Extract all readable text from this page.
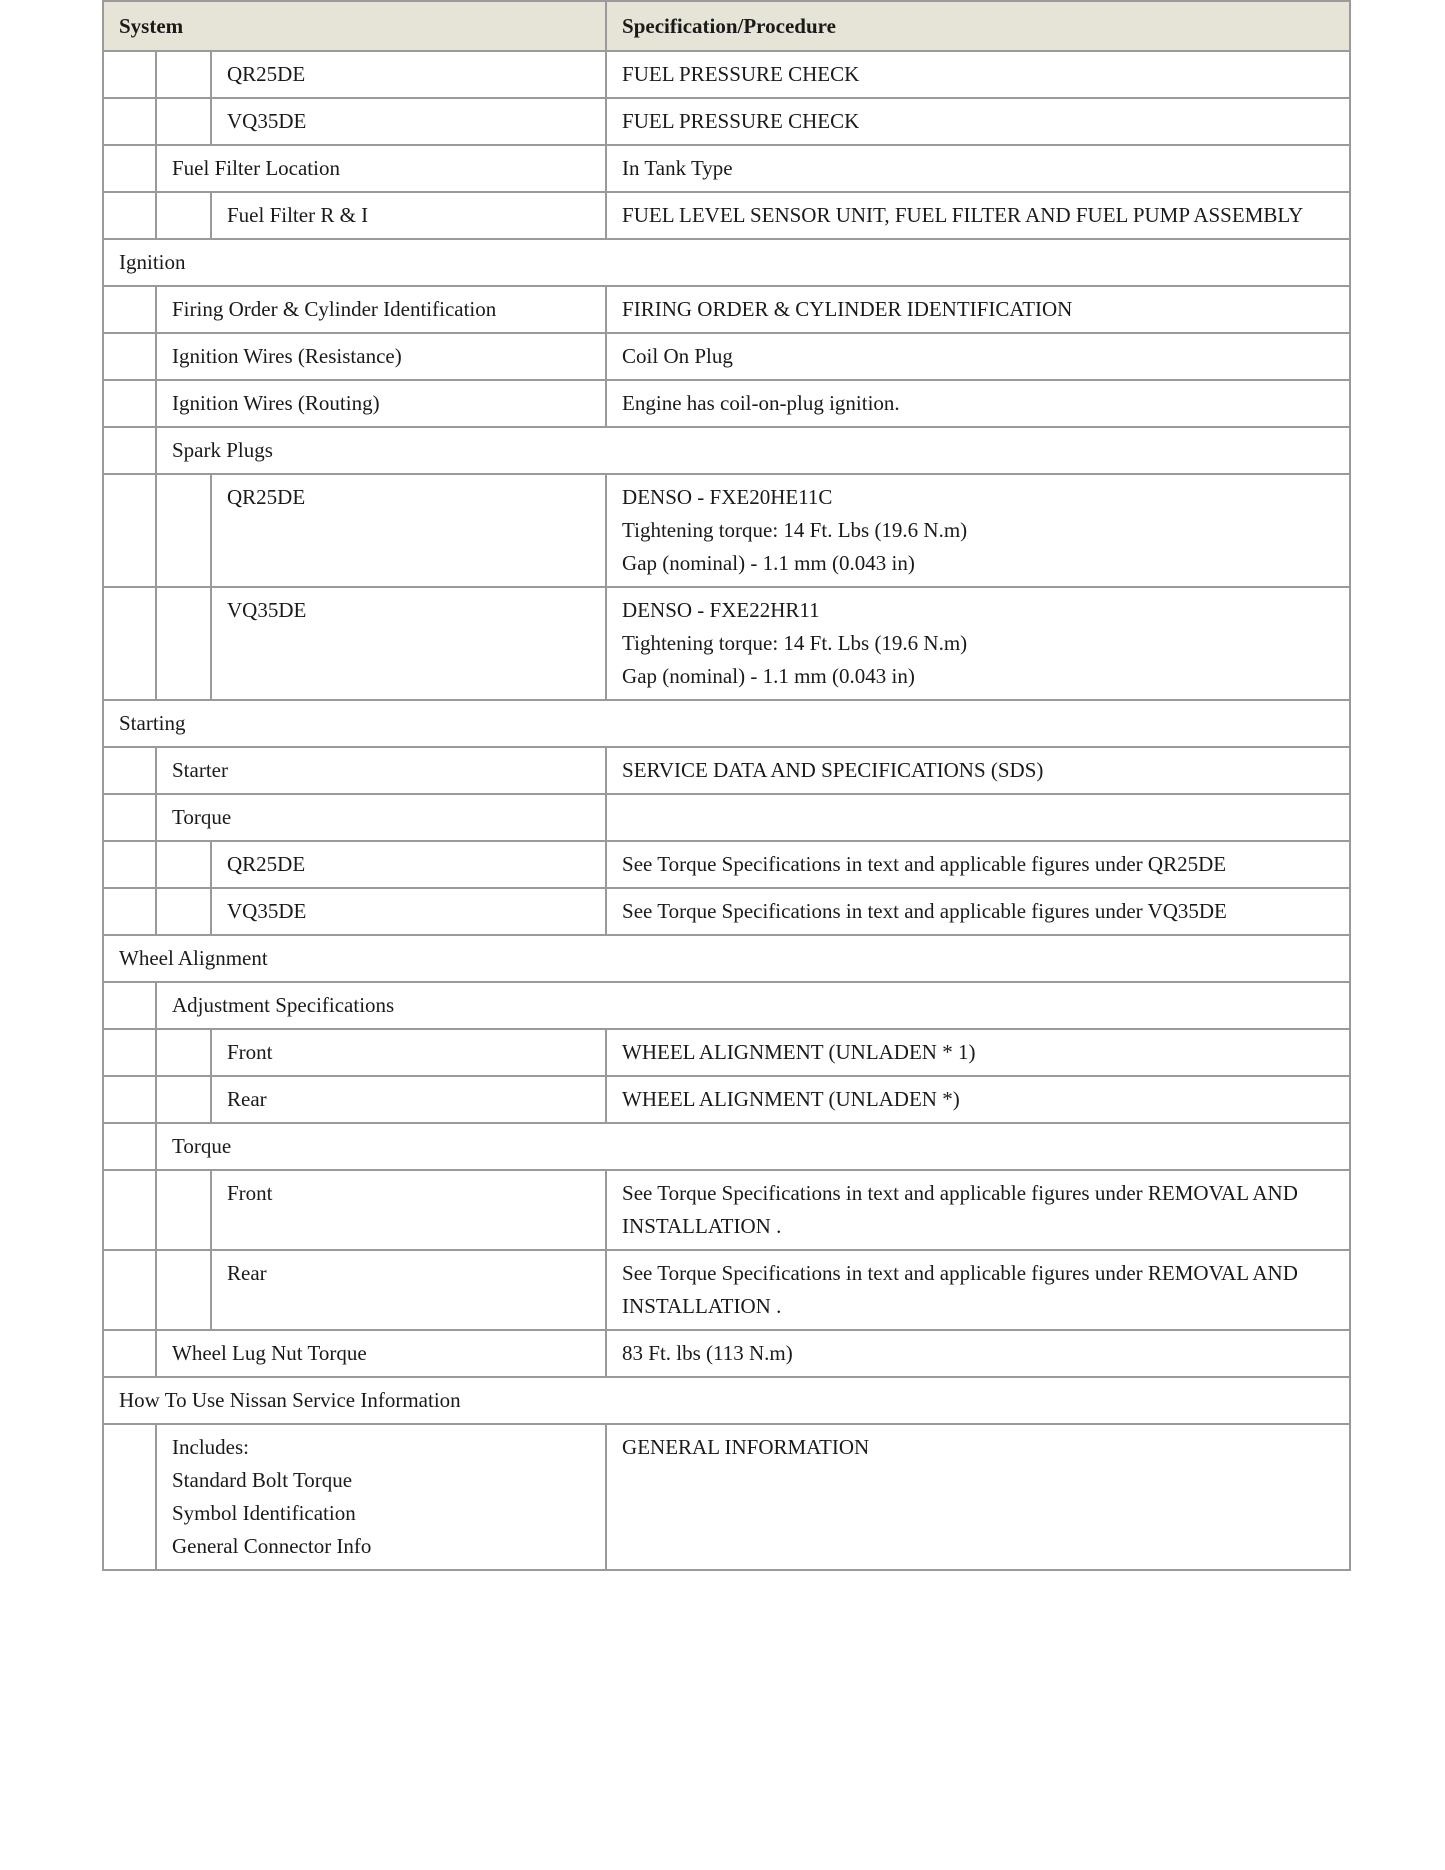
System			Specification/Procedure
		QR25DE	FUEL PRESSURE CHECK
		VQ35DE	FUEL PRESSURE CHECK
	Fuel Filter Location		In Tank Type
		Fuel Filter R & I	FUEL LEVEL SENSOR UNIT, FUEL FILTER AND FUEL PUMP ASSEMBLY
Ignition			
	Firing Order & Cylinder Identification		FIRING ORDER & CYLINDER IDENTIFICATION
	Ignition Wires (Resistance)		Coil On Plug
	Ignition Wires (Routing)		Engine has coil-on-plug ignition.
	Spark Plugs		
		QR25DE	DENSO - FXE20HE11C
Tightening torque: 14 Ft. Lbs (19.6 N.m)
Gap (nominal) - 1.1 mm (0.043 in)

		VQ35DE	DENSO - FXE22HR11
Tightening torque: 14 Ft. Lbs (19.6 N.m)
Gap (nominal) - 1.1 mm (0.043 in)

Starting			
	Starter		SERVICE DATA AND SPECIFICATIONS (SDS)
	Torque		
		QR25DE	See Torque Specifications in text and applicable figures under QR25DE
		VQ35DE	See Torque Specifications in text and applicable figures under VQ35DE
Wheel Alignment			
	Adjustment Specifications		
		Front	WHEEL ALIGNMENT (UNLADEN * 1)
		Rear	WHEEL ALIGNMENT (UNLADEN *)
	Torque		
		Front	See Torque Specifications in text and applicable figures under REMOVAL AND
INSTALLATION .

		Rear	See Torque Specifications in text and applicable figures under REMOVAL AND
INSTALLATION .

	Wheel Lug Nut Torque		83 Ft. lbs (113 N.m)
How To Use Nissan Service Information			

	Includes:
Standard Bolt Torque
Symbol Identification
General Connector Info		GENERAL INFORMATION
